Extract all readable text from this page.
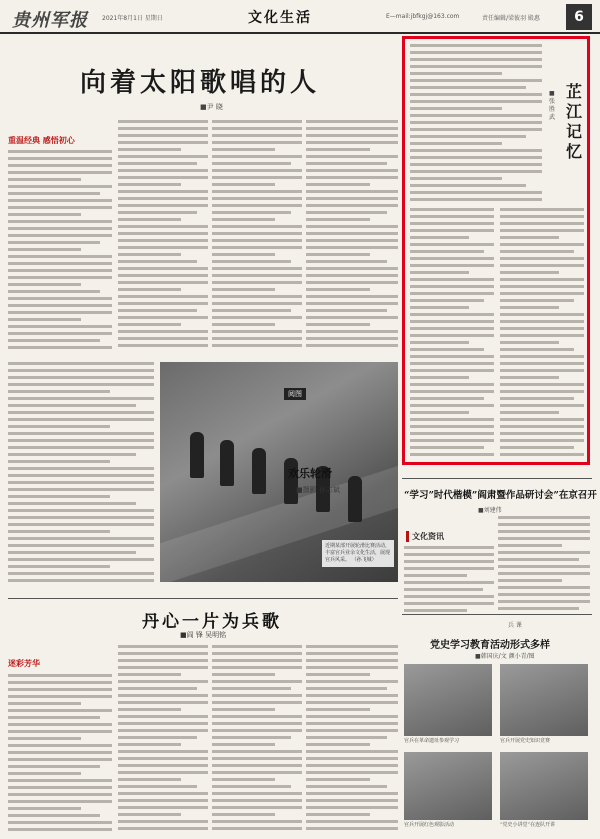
贵州军报 2021年8月1日 星期日	文化生活	E—mail:jbfkgj@163.com	责任编辑/梁彼羽 殿惠	6
向着太阳歌唱的人
■尹 晓
重温经典 感悟初心
阅图
欢乐轮滑
■摄影 孙志斌
近期某部开展轮滑比赛活动，丰富官兵业余文化生活，展现官兵风采。 （孙飞城）
丹心一片为兵歌
■阎 锋 吴明铭
迷彩芳华
芷江记忆
■张胜武
“学习”时代楷模”阎肃暨作品研讨会”在京召开
■刘建伟
文化资讯
兵 课
党史学习教育活动形式多样
■韩国庆/文 颜小青/图
官兵在革命遗址参观学习	官兵开展党史知识竞赛
官兵开展红色观影活动	“党史小讲堂”在连队开讲
